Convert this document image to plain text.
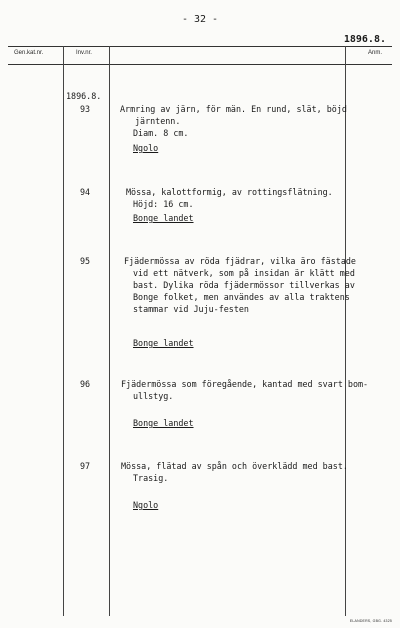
- 32 -
1896.8.
Gen.kat.nr.	Inv.nr.	Anm.
1896.8.
93	Armring av järn, för män. En rund, slät, böjd
järntenn.
Diam. 8 cm.
Ngolo
94	Mössa, kalottformig, av rottingsflätning.
Höjd: 16 cm.
Bonge landet
95	Fjädermössa av röda fjädrar, vilka äro fästade
vid ett nätverk, som på insidan är klätt med
bast. Dylika röda fjädermössor tillverkas av
Bonge folket, men användes av alla traktens
stammar vid Juju-festen
Bonge landet
96	Fjädermössa som föregående, kantad med svart bom-
ullstyg.
Bonge landet
97	Mössa, flätad av spån och överklädd med bast.
Trasig.
Ngolo
ELANDERS, GBG. 4325
